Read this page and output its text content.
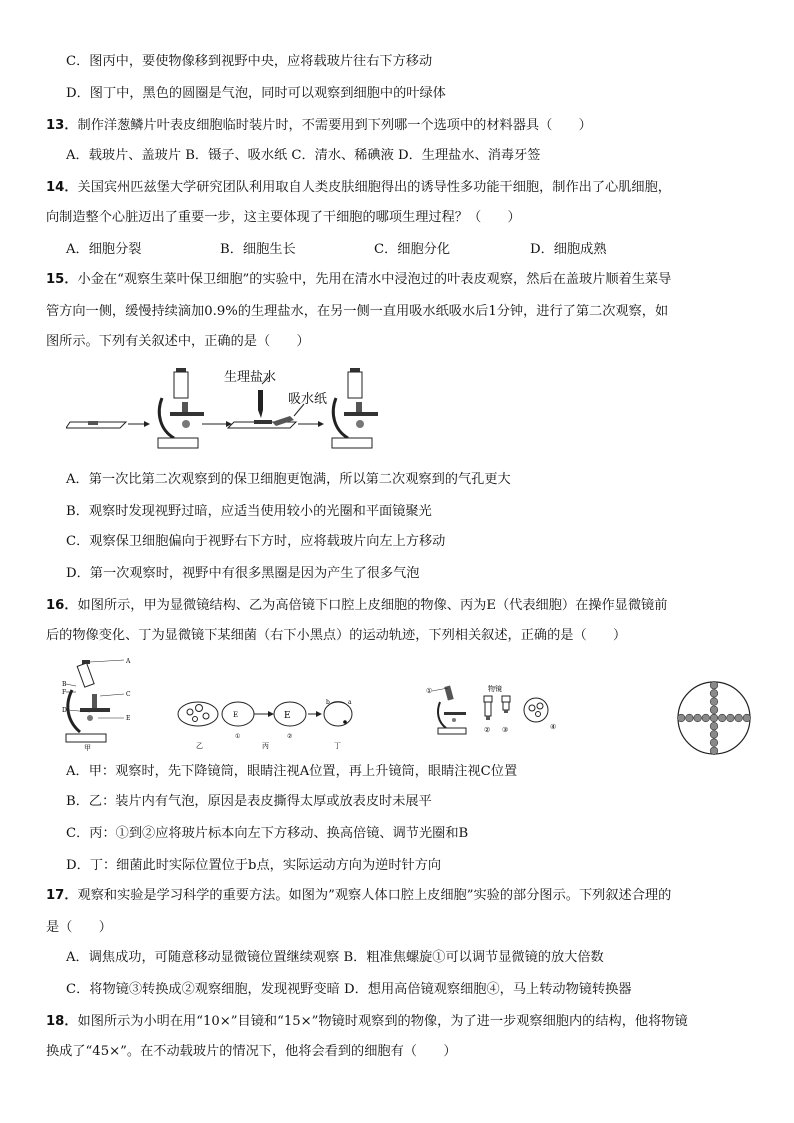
C．图丙中，要使物像移到视野中央，应将载玻片往右下方移动
D．图丁中，黑色的圆圈是气泡，同时可以观察到细胞中的叶绿体
13．制作洋葱鳞片叶表皮细胞临时装片时，不需要用到下列哪一个选项中的材料器具（　　）
A．载玻片、盖玻片 B．镊子、吸水纸 C．清水、稀碘液 D．生理盐水、消毒牙签
14．关国宾州匹兹堡大学研究团队利用取自人类皮肤细胞得出的诱导性多功能干细胞，制作出了心肌细胞，
向制造整个心脏迈出了重要一步，这主要体现了干细胞的哪项生理过程？（　　）
A．细胞分裂	B．细胞生长	C．细胞分化	D．细胞成熟
15．小金在“观察生菜叶保卫细胞”的实验中，先用在清水中浸泡过的叶表皮观察，然后在盖玻片顺着生菜导
管方向一侧，缓慢持续滴加0.9%的生理盐水，在另一侧一直用吸水纸吸水后1分钟，进行了第二次观察，如
图所示。下列有关叙述中，正确的是（　　）
生理盐水
吸水纸
A．第一次比第二次观察到的保卫细胞更饱满，所以第二次观察到的气孔更大
B．观察时发现视野过暗，应适当使用较小的光圈和平面镜聚光
C．观察保卫细胞偏向于视野右下方时，应将载玻片向左上方移动
D．第一次观察时，视野中有很多黑圈是因为产生了很多气泡
16．如图所示，甲为显微镜结构、乙为高倍镜下口腔上皮细胞的物像、丙为E（代表细胞）在操作显微镜前
后的物像变化、丁为显微镜下某细菌（右下小黑点）的运动轨迹，下列相关叙述，正确的是（　　）
A
B
C
D
E
F
甲	乙
E
①
E
②
丙
b	a
丁
①	物镜
② ③	④
A．甲：观察时，先下降镜筒，眼睛注视A位置，再上升镜筒，眼睛注视C位置
B．乙：装片内有气泡，原因是表皮撕得太厚或放表皮时未展平
C．丙：①到②应将玻片标本向左下方移动、换高倍镜、调节光圈和B
D．丁：细菌此时实际位置位于b点，实际运动方向为逆时针方向
17．观察和实验是学习科学的重要方法。如图为”观察人体口腔上皮细胞”实验的部分图示。下列叙述合理的
是（　　）
A．调焦成功，可随意移动显微镜位置继续观察 B．粗准焦螺旋①可以调节显微镜的放大倍数
C．将物镜③转换成②观察细胞，发现视野变暗 D．想用高倍镜观察细胞④，马上转动物镜转换器
18．如图所示为小明在用“10×”目镜和“15×”物镜时观察到的物像，为了进一步观察细胞内的结构，他将物镜
换成了“45×”。在不动载玻片的情况下，他将会看到的细胞有（　　）
